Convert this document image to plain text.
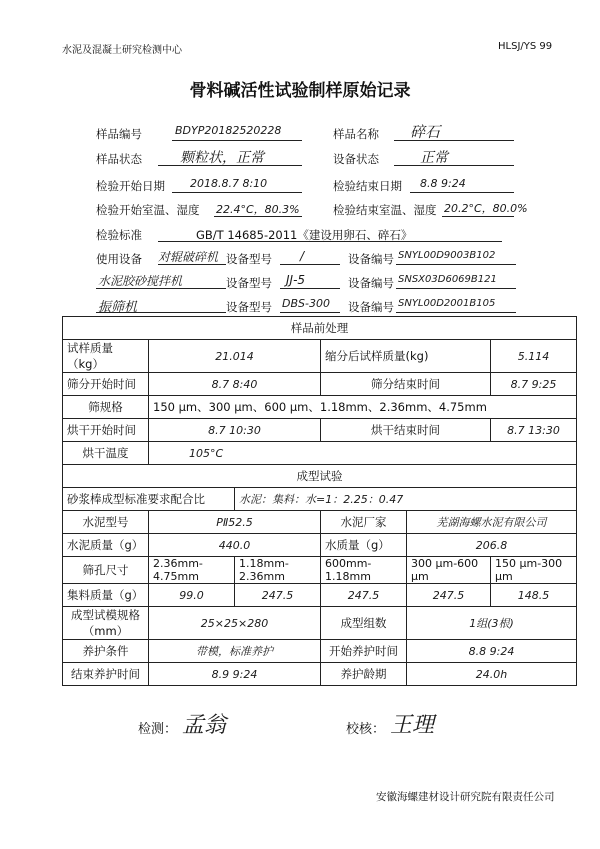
水泥及混凝土研究检测中心	HLSJ/YS 99
骨料碱活性试验制样原始记录
样品编号	BDYP20182520228	样品名称 碎石
样品状态	颗粒状，正常	设备状态	正常
检验开始日期 2018.8.7 8:10	检验结束日期 8.8 9:24
检验开始室温、湿度 22.4°C，80.3%	检验结束室温、湿度 20.2°C，80.0%
检验标准	GB/T 14685-2011《建设用卵石、碎石》
使用设备 对辊破碎机 设备型号 /	设备编号 SNYL00D9003B102
水泥胶砂搅拌机	设备型号 JJ-5	设备编号 SNSX03D6069B121
振筛机	设备型号 DBS-300 设备编号 SNYL00D2001B105
样品前处理					
试样质量（kg）	21.014		缩分后试样质量(kg)		5.114
筛分开始时间	8.7 8:40		筛分结束时间		8.7 9:25
筛规格	150 μm、300 μm、600 μm、1.18mm、2.36mm、4.75mm				
烘干开始时间	8.7 10:30		烘干结束时间		8.7 13:30
烘干温度	105°C				
成型试验					
砂浆棒成型标准要求配合比		水泥：集料：水=1：2.25：0.47			
水泥型号	PⅡ52.5		水泥厂家	芜湖海螺水泥有限公司	
水泥质量（g）	440.0		水质量（g）	206.8	
筛孔尺寸	2.36mm-4.75mm	1.18mm-2.36mm	600mm-1.18mm	300 μm-600 μm	150 μm-300 μm
集料质量（g）	99.0	247.5	247.5	247.5	148.5
成型试模规格（mm）	25×25×280		成型组数	1组(3根)	
养护条件	带模，标准养护		开始养护时间	8.8 9:24	
结束养护时间	8.9 9:24		养护龄期	24.0h	
检测： 孟翁	校核： 王理
安徽海螺建材设计研究院有限责任公司
